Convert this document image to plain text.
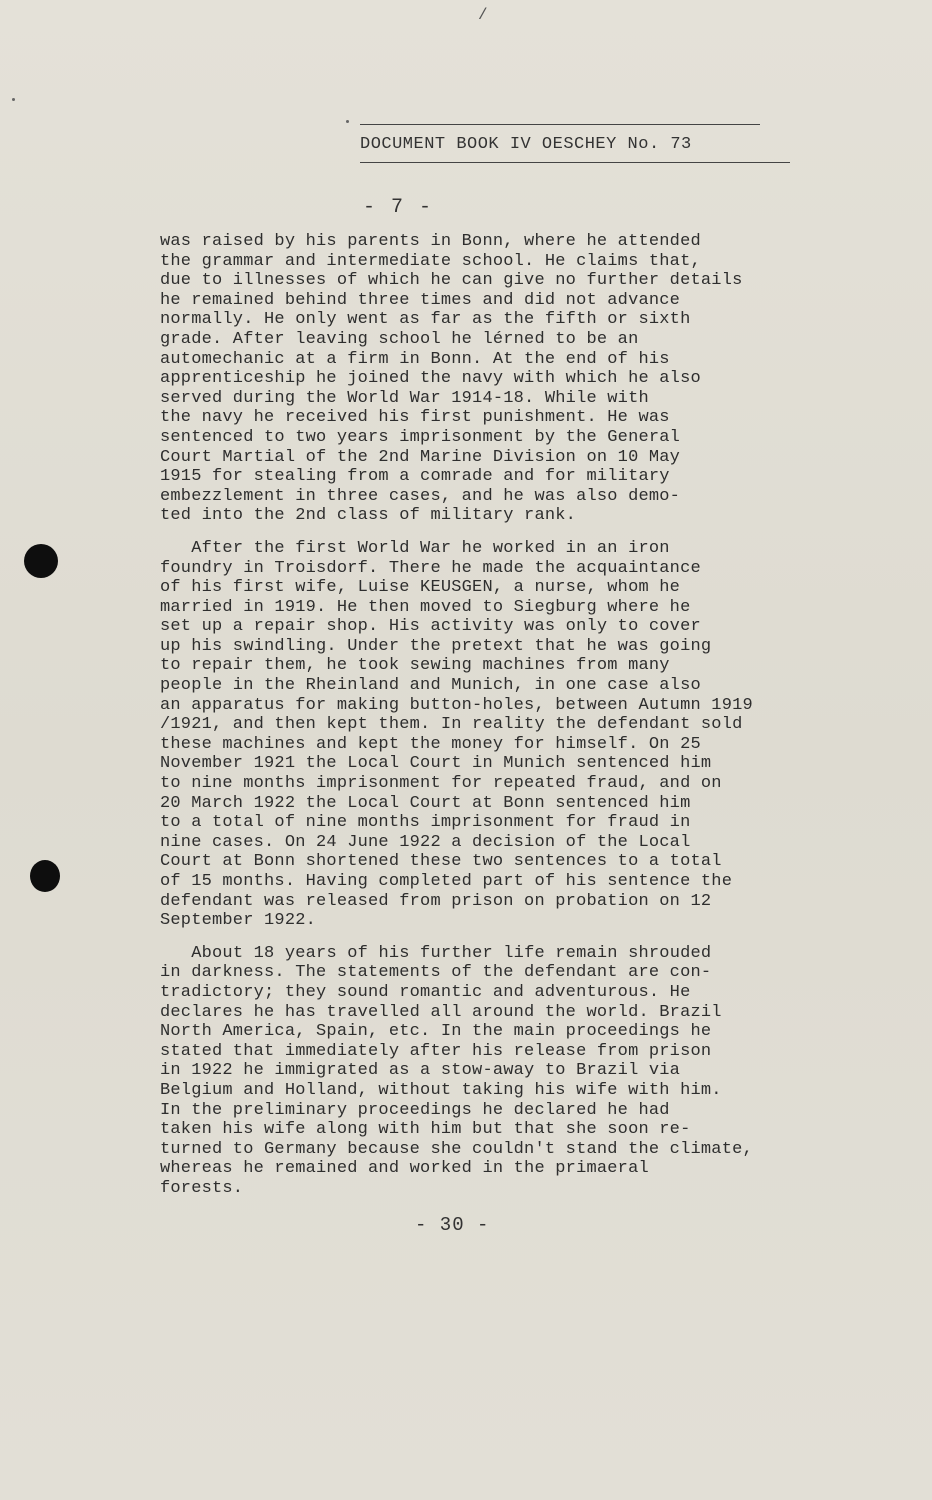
/
DOCUMENT BOOK IV OESCHEY No. 73
- 7 -

was raised by his parents in Bonn, where he attended
the grammar and intermediate school. He claims that,
due to illnesses of which he can give no further details
he remained behind three times and did not advance
normally. He only went as far as the fifth or sixth
grade. After leaving school he lérned to be an
automechanic at a firm in Bonn. At the end of his
apprenticeship he joined the navy with which he also
served during the World War 1914-18. While with
the navy he received his first punishment. He was
sentenced to two years imprisonment by the General
Court Martial of the 2nd Marine Division on 10 May
1915 for stealing from a comrade and for military
embezzlement in three cases, and he was also demo-
ted into the 2nd class of military rank.

After the first World War he worked in an iron
foundry in Troisdorf. There he made the acquaintance
of his first wife, Luise KEUSGEN, a nurse, whom he
married in 1919. He then moved to Siegburg where he
set up a repair shop. His activity was only to cover
up his swindling. Under the pretext that he was going
to repair them, he took sewing machines from many
people in the Rheinland and Munich, in one case also
an apparatus for making button-holes, between Autumn 1919
/1921, and then kept them. In reality the defendant sold
these machines and kept the money for himself. On 25
November 1921 the Local Court in Munich sentenced him
to nine months imprisonment for repeated fraud, and on
20 March 1922 the Local Court at Bonn sentenced him
to a total of nine months imprisonment for fraud in
nine cases. On 24 June 1922 a decision of the Local
Court at Bonn shortened these two sentences to a total
of 15 months. Having completed part of his sentence the
defendant was released from prison on probation on 12
September 1922.

About 18 years of his further life remain shrouded
in darkness. The statements of the defendant are con-
tradictory; they sound romantic and adventurous. He
declares he has travelled all around the world. Brazil
North America, Spain, etc. In the main proceedings he
stated that immediately after his release from prison
in 1922 he immigrated as a stow-away to Brazil via
Belgium and Holland, without taking his wife with him.
In the preliminary proceedings he declared he had
taken his wife along with him but that she soon re-
turned to Germany because she couldn't stand the climate,
whereas he remained and worked in the primaeral
forests.

- 30 -
